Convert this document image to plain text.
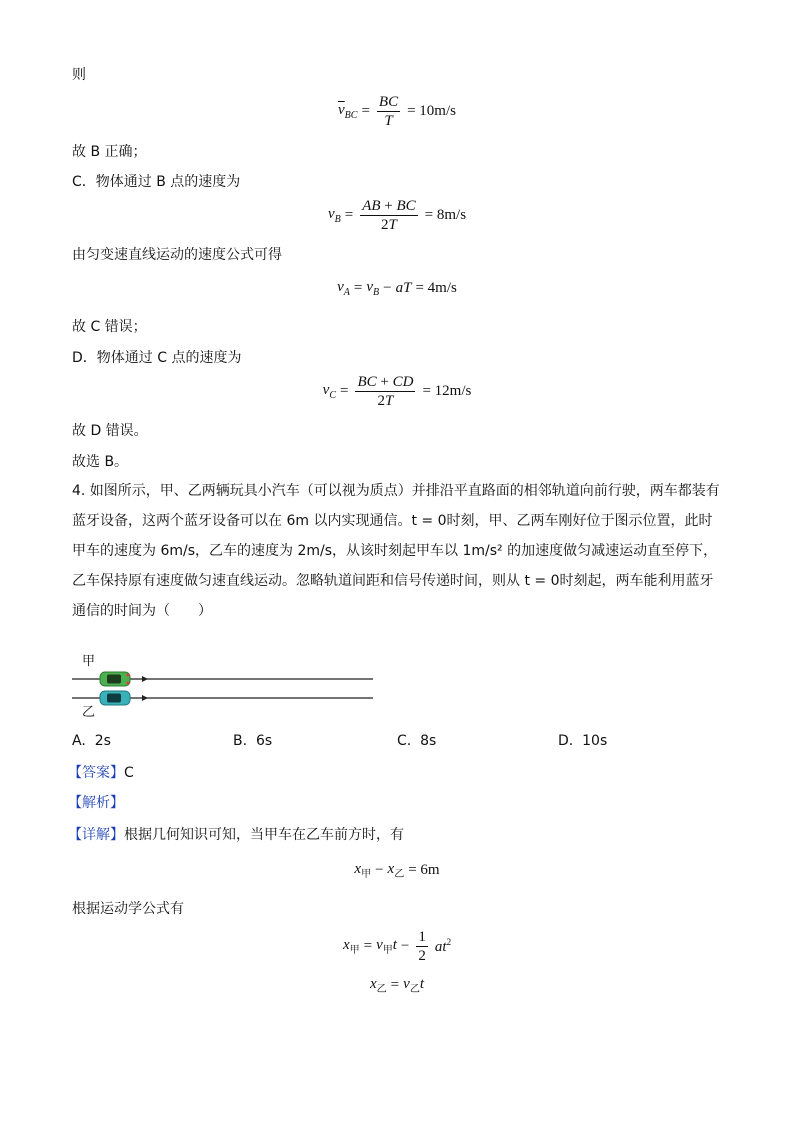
则
$\overline{v}_{BC} = \frac{BC}{T} = 10m/s$
故 B 正确；
C．物体通过 B 点的速度为
$v_B = \frac{AB + BC}{2T} = 8m/s$
由匀变速直线运动的速度公式可得
$v_A = v_B$ − aT = 4m/s
故 C 错误；
D．物体通过 C 点的速度为
$v_C = \frac{BC + CD}{2T} = 12m/s$
故 D 错误。
故选 B。
4. 如图所示，甲、乙两辆玩具小汽车（可以视为质点）并排沿平直路面的相邻轨道向前行驶，两车都装有蓝牙设备，这两个蓝牙设备可以在 6m 以内实现通信。t = 0时刻，甲、乙两车刚好位于图示位置，此时甲车的速度为 6m/s，乙车的速度为 2m/s，从该时刻起甲车以 1m/s² 的加速度做匀减速运动直至停下，乙车保持原有速度做匀速直线运动。忽略轨道间距和信号传递时间，则从 t = 0时刻起，两车能利用蓝牙通信的时间为（　　）
甲
乙
A. 2s	B. 6s	C. 8s	D. 10s
【答案】C
【解析】
【详解】根据几何知识可知，当甲车在乙车前方时，有
$x_甲 - x_乙 = 6m$
根据运动学公式有
$x_甲 = v_甲t - \frac{1}{2} at^2$
$x_乙 = v_乙t$
